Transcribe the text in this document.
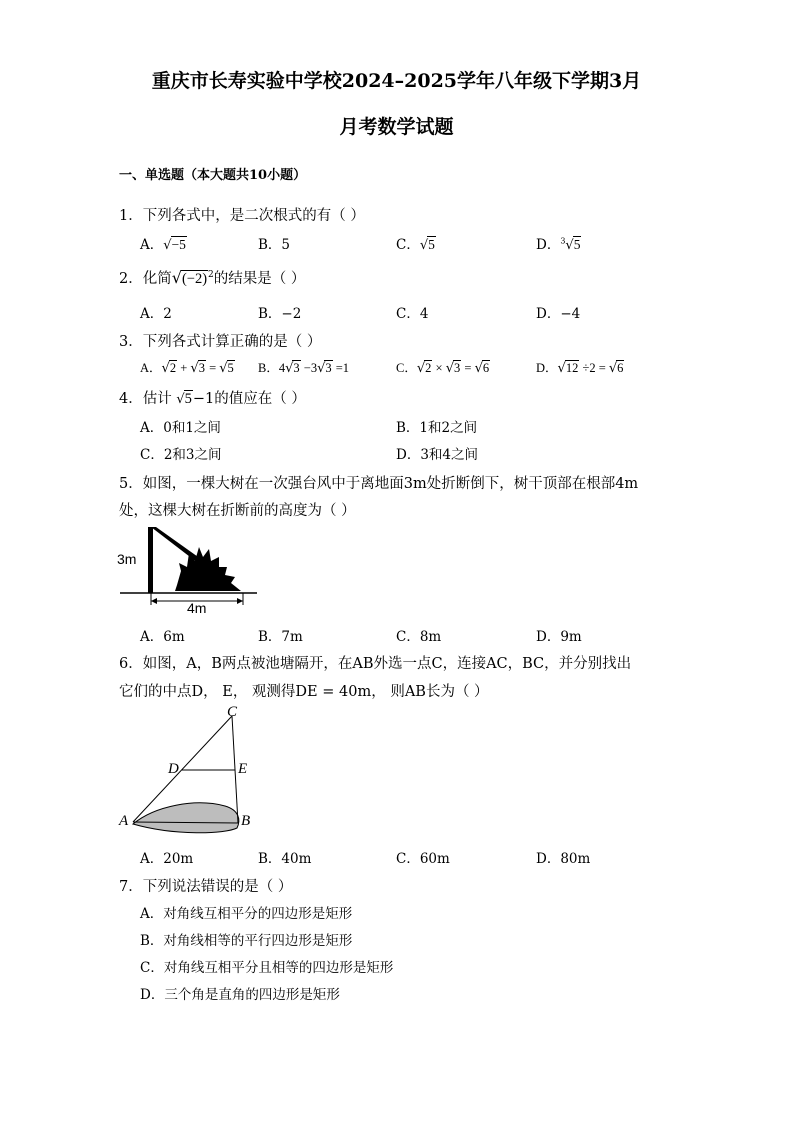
重庆市长寿实验中学校2024–2025学年八年级下学期3月
月考数学试题
一、单选题（本大题共10小题）
1．下列各式中，是二次根式的有（ ）
A．√−5	B．5	C．√5	D．$^3$√5
2．化简$√(-2)^2$的结果是（ ）
A．2	B．−2	C．4	D．−4
3．下列各式计算正确的是（ ）
A．√2 + √3 = √5 B．4√3 −3√3 =1	C．√2 × √3 = √6	D．√12 ÷2 = √6
4．估计 √5−1的值应在（ ）
A．0和1之间	B．1和2之间
C．2和3之间	D．3和4之间
5．如图，一棵大树在一次强台风中于离地面3m处折断倒下，树干顶部在根部4m
处，这棵大树在折断前的高度为（ ）
3m
4m
A．6m	B．7m	C．8m	D．9m
6．如图，A，B两点被池塘隔开，在AB外选一点C，连接AC，BC，并分别找出
它们的中点D， E， 观测得DE = 40m， 则AB长为（ ）
C
D	E
A	B
A．20m	B．40m	C．60m	D．80m
7．下列说法错误的是（ ）
A．对角线互相平分的四边形是矩形
B．对角线相等的平行四边形是矩形
C．对角线互相平分且相等的四边形是矩形
D．三个角是直角的四边形是矩形
